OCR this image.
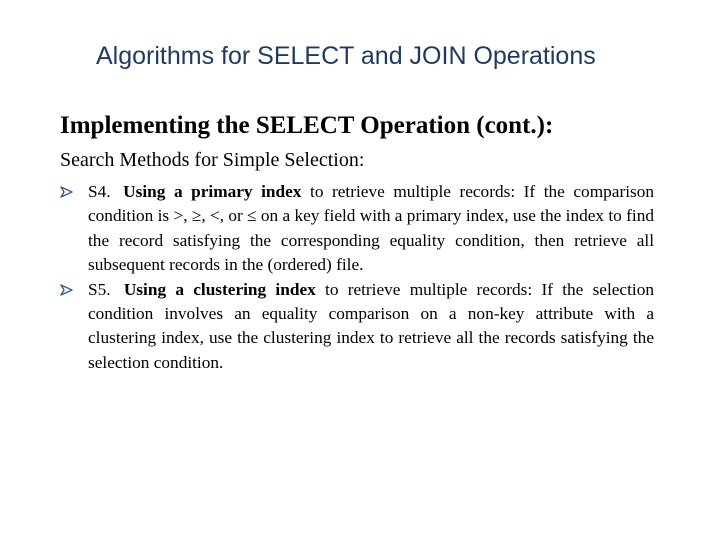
Algorithms for SELECT and JOIN Operations
Implementing the SELECT Operation (cont.):
Search Methods for Simple Selection:
S4. Using a primary index to retrieve multiple records: If the comparison condition is >, ≥, <, or ≤ on a key field with a primary index, use the index to find the record satisfying the corresponding equality condition, then retrieve all subsequent records in the (ordered) file.
S5. Using a clustering index to retrieve multiple records: If the selection condition involves an equality comparison on a non-key attribute with a clustering index, use the clustering index to retrieve all the records satisfying the selection condition.
